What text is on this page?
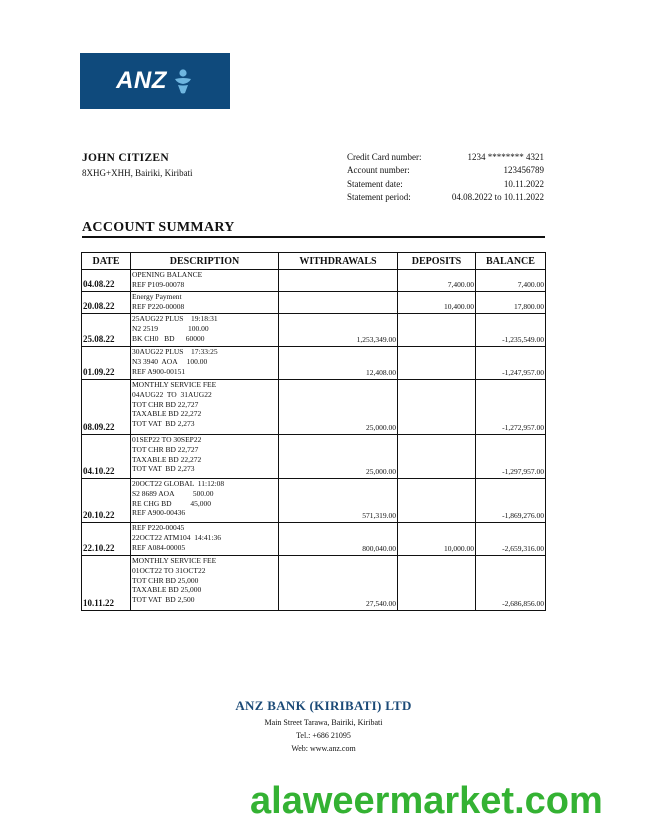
ANZ
JOHN CITIZEN
8XHG+XHH, Bairiki, Kiribati
Credit Card number:	1234 ******** 4321
Account number:	123456789
Statement date:	10.11.2022
Statement period:	04.08.2022 to 10.11.2022
ACCOUNT SUMMARY
DATE	DESCRIPTION	WITHDRAWALS	DEPOSITS	BALANCE
04.08.22	OPENING BALANCE
REF P109-00078		7,400.00	7,400.00
20.08.22	Energy Payment
REF P220-00008		10,400.00	17,800.00
25.08.22	25AUG22 PLUS    19:18:31
N2 2519                100.00
BK CH0   BD      60000	1,253,349.00		-1,235,549.00
01.09.22	30AUG22 PLUS    17:33:25
N3 3940  AOA     100.00
REF A900-00151	12,408.00		-1,247,957.00
08.09.22	MONTHLY SERVICE FEE
04AUG22  TO  31AUG22
TOT CHR BD 22,727
TAXABLE BD 22,272
TOT VAT  BD 2,273	25,000.00		-1,272,957.00
04.10.22	01SEP22 TO 30SEP22
TOT CHR BD 22,727
TAXABLE BD 22,272
TOT VAT  BD 2,273	25,000.00		-1,297,957.00
20.10.22	20OCT22 GLOBAL  11:12:08
S2 8689 AOA          500.00
RE CHG BD          45,000
REF A900-00436	571,319.00		-1,869,276.00
22.10.22	REF P220-00045
22OCT22 ATM104  14:41:36
REF A084-00005	800,040.00	10,000.00	-2,659,316.00
10.11.22	MONTHLY SERVICE FEE
01OCT22 TO 31OCT22
TOT CHR BD 25,000
TAXABLE BD 25,000
TOT VAT  BD 2,500	27,540.00		-2,686,856.00
ANZ BANK (KIRIBATI) LTD
Main Street Tarawa, Bairiki, Kiribati
Tel.: +686 21095
Web: www.anz.com
alaweermarket.com
